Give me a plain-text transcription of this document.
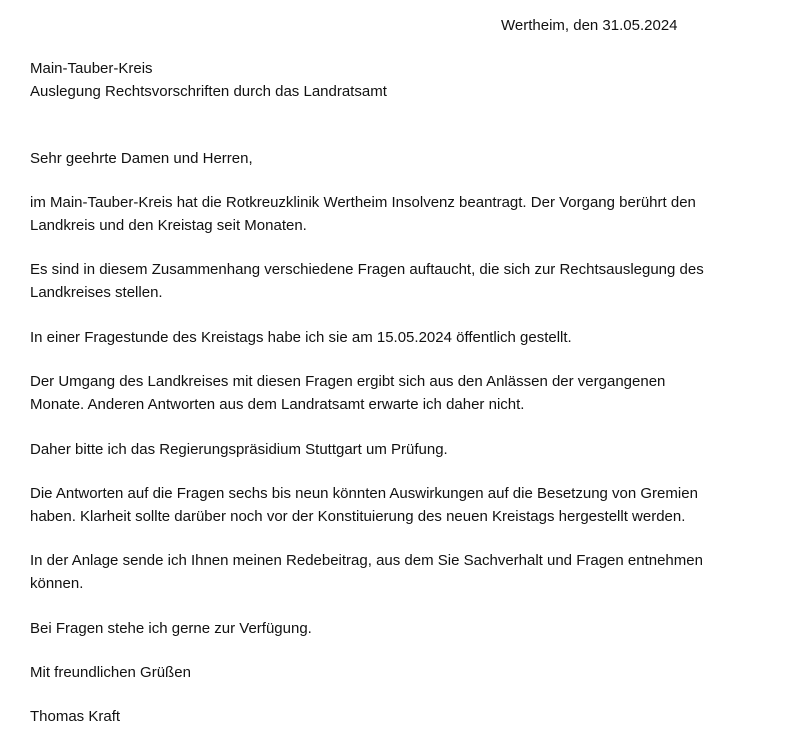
Wertheim, den 31.05.2024
Main-Tauber-Kreis
Auslegung Rechtsvorschriften durch das Landratsamt
Sehr geehrte Damen und Herren,
im Main-Tauber-Kreis hat die Rotkreuzklinik Wertheim Insolvenz beantragt. Der Vorgang berührt den
Landkreis und den Kreistag seit Monaten.
Es sind in diesem Zusammenhang verschiedene Fragen auftaucht, die sich zur Rechtsauslegung des
Landkreises stellen.
In einer Fragestunde des Kreistags habe ich sie am 15.05.2024 öffentlich gestellt.
Der Umgang des Landkreises mit diesen Fragen ergibt sich aus den Anlässen der vergangenen
Monate. Anderen Antworten aus dem Landratsamt erwarte ich daher nicht.
Daher bitte ich das Regierungspräsidium Stuttgart um Prüfung.
Die Antworten auf die Fragen sechs bis neun könnten Auswirkungen auf die Besetzung von Gremien
haben. Klarheit sollte darüber noch vor der Konstituierung des neuen Kreistags hergestellt werden.
In der Anlage sende ich Ihnen meinen Redebeitrag, aus dem Sie Sachverhalt und Fragen entnehmen
können.
Bei Fragen stehe ich gerne zur Verfügung.
Mit freundlichen Grüßen
Thomas Kraft
